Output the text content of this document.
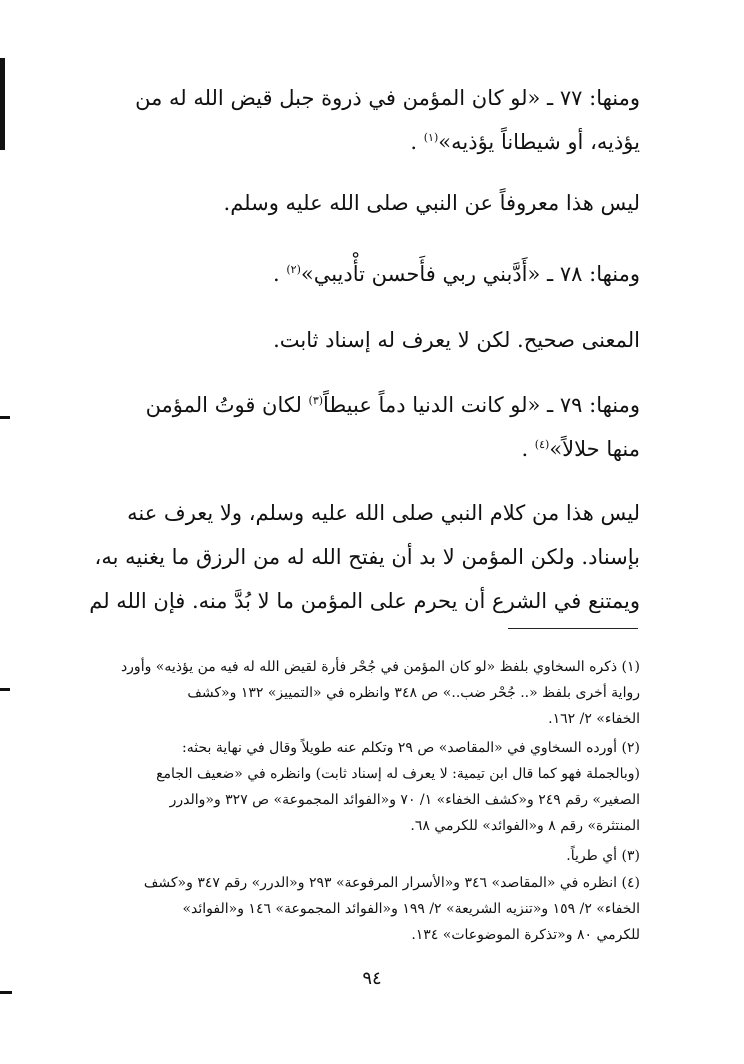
ومنها: ٧٧ ـ «لو كان المؤمن في ذروة جبل قيض الله له من
يؤذيه، أو شيطاناً يؤذيه»$^{(١)}$ .
ليس هذا معروفاً عن النبي صلى الله عليه وسلم.
ومنها: ٧٨ ـ «أَدَّبني ربي فأَحسن تأْديبي»$^{(٢)}$ .
المعنى صحيح. لكن لا يعرف له إسناد ثابت.
ومنها: ٧٩ ـ «لو كانت الدنيا دماً عبيطاً$^{(٣)}$ لكان قوتُ المؤمن
منها حلالاً»$^{(٤)}$ .
ليس هذا من كلام النبي صلى الله عليه وسلم، ولا يعرف عنه
بإسناد. ولكن المؤمن لا بد أن يفتح الله له من الرزق ما يغنيه به،
ويمتنع في الشرع أن يحرم على المؤمن ما لا بُدَّ منه. فإن الله لم
(١) ذكره السخاوي بلفظ «لو كان المؤمن في جُحْر فأرة لقيض الله له فيه من يؤذيه» وأورد
رواية أخرى بلفظ «.. جُحْر ضب..» ص ٣٤٨ وانظره في «التمييز» ١٣٢ و«كشف
الخفاء» ٢/ ١٦٢.
(٢) أورده السخاوي في «المقاصد» ص ٢٩ وتكلم عنه طويلاً وقال في نهاية بحثه:
(وبالجملة فهو كما قال ابن تيمية: لا يعرف له إسناد ثابت) وانظره في «ضعيف الجامع
الصغير» رقم ٢٤٩ و«كشف الخفاء» ١/ ٧٠ و«الفوائد المجموعة» ص ٣٢٧ و«والدرر
المنتثرة» رقم ٨ و«الفوائد» للكرمي ٦٨.
(٣) أي طرياً.
(٤) انظره في «المقاصد» ٣٤٦ و«الأسرار المرفوعة» ٢٩٣ و«الدرر» رقم ٣٤٧ و«كشف
الخفاء» ٢/ ١٥٩ و«تنزيه الشريعة» ٢/ ١٩٩ و«الفوائد المجموعة» ١٤٦ و«الفوائد»
للكرمي ٨٠ و«تذكرة الموضوعات» ١٣٤.
٩٤
